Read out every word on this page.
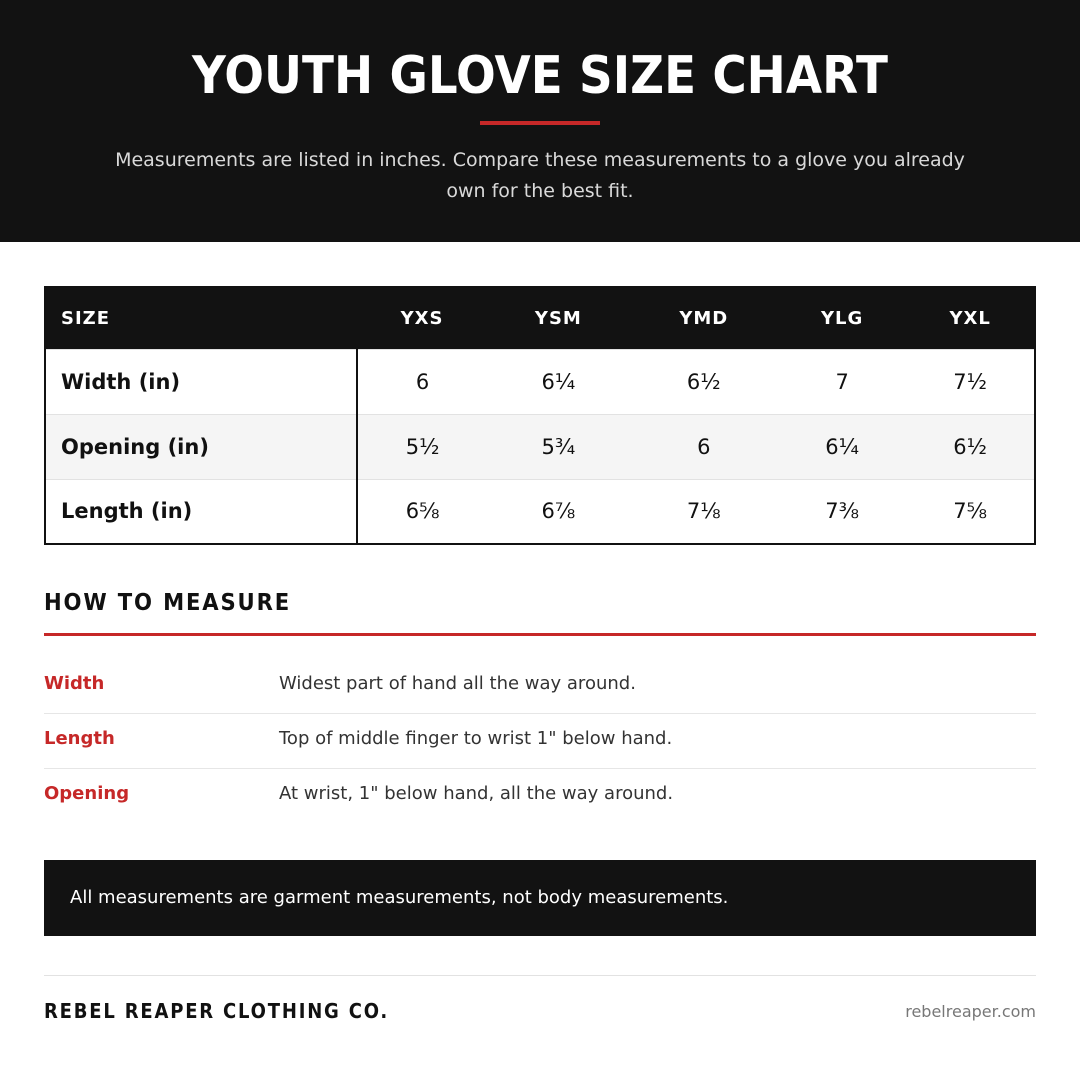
YOUTH GLOVE SIZE CHART
Measurements are listed in inches. Compare these measurements to a glove you already own for the best fit.
SIZE	YXS	YSM	YMD	YLG	YXL
Width (in)	6	6¼	6½	7	7½
Opening (in)	5½	5¾	6	6¼	6½
Length (in)	6⅝	6⅞	7⅛	7⅜	7⅝
HOW TO MEASURE
Width	Widest part of hand all the way around.
Length	Top of middle finger to wrist 1" below hand.
Opening	At wrist, 1" below hand, all the way around.
All measurements are garment measurements, not body measurements.
REBEL REAPER CLOTHING CO.	rebelreaper.com
